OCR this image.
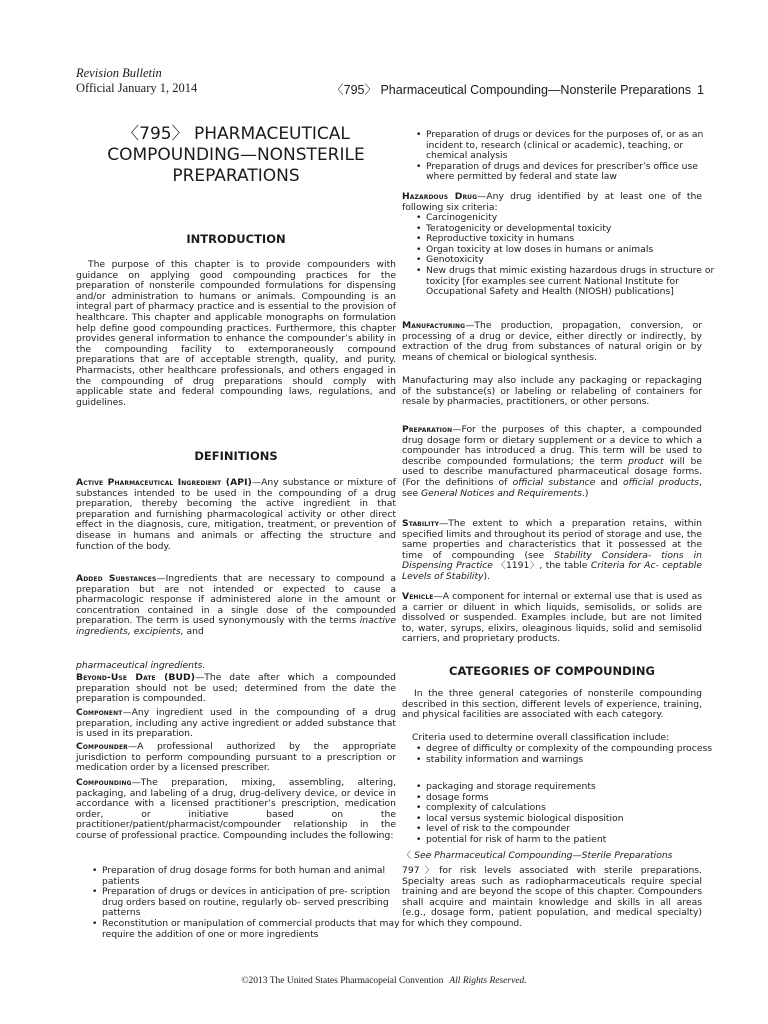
Revision Bulletin
Official January 1, 2014	〈795〉 Pharmaceutical Compounding—Nonsterile Preparations 1
〈795〉 PHARMACEUTICAL
COMPOUNDING—NONSTERILE
PREPARATIONS
INTRODUCTION
The purpose of this chapter is to provide compounders with guidance on applying good compounding practices for the preparation of nonsterile compounded formulations for dispensing and/or administration to humans or animals. Compounding is an integral part of pharmacy practice and is essential to the provision of healthcare. This chapter and applicable monographs on formulation help define good compounding practices. Furthermore, this chapter provides general information to enhance the compounder’s ability in the compounding facility to extemporaneously compound preparations that are of acceptable strength, quality, and purity. Pharmacists, other healthcare professionals, and others engaged in the compounding of drug preparations should comply with applicable state and federal compounding laws, regulations, and guidelines.
DEFINITIONS
Active Pharmaceutical Ingredient (API)—Any substance or mixture of substances intended to be used in the compounding of a drug preparation, thereby becoming the active ingredient in that preparation and furnishing pharmacological activity or other direct effect in the diagnosis, cure, mitigation, treatment, or prevention of disease in humans and animals or affecting the structure and function of the body.
Added Substances—Ingredients that are necessary to compound a preparation but are not intended or expected to cause a pharmacologic response if administered alone in the amount or concentration contained in a single dose of the compounded preparation. The term is used synonymously with the terms inactive ingredients, excipients, and
pharmaceutical ingredients.
Beyond-Use Date (BUD)—The date after which a compounded preparation should not be used; determined from the date the preparation is compounded.
Component—Any ingredient used in the compounding of a drug preparation, including any active ingredient or added substance that is used in its preparation.
Compounder—A professional authorized by the appropriate jurisdiction to perform compounding pursuant to a prescription or medication order by a licensed prescriber.
Compounding—The preparation, mixing, assembling, altering, packaging, and labeling of a drug, drug-delivery device, or device in accordance with a licensed practitioner’s prescription, medication order, or initiative based on the practitioner/patient/pharmacist/compounder relationship in the course of professional practice. Compounding includes the following:
• Preparation of drug dosage forms for both human and animal patients
• Preparation of drugs or devices in anticipation of pre- scription drug orders based on routine, regularly ob- served prescribing patterns
• Reconstitution or manipulation of commercial products that may require the addition of one or more ingredients
• Preparation of drugs or devices for the purposes of, or as an incident to, research (clinical or academic), teaching, or chemical analysis
• Preparation of drugs and devices for prescriber’s office use where permitted by federal and state law
Hazardous Drug—Any drug identified by at least one of the following six criteria:
• Carcinogenicity
• Teratogenicity or developmental toxicity
• Reproductive toxicity in humans
• Organ toxicity at low doses in humans or animals
• Genotoxicity
• New drugs that mimic existing hazardous drugs in structure or toxicity [for examples see current National Institute for Occupational Safety and Health (NIOSH) publications]
Manufacturing—The production, propagation, conversion, or processing of a drug or device, either directly or indirectly, by extraction of the drug from substances of natural origin or by means of chemical or biological synthesis.
Manufacturing may also include any packaging or repackaging of the substance(s) or labeling or relabeling of containers for resale by pharmacies, practitioners, or other persons.
Preparation—For the purposes of this chapter, a compounded drug dosage form or dietary supplement or a device to which a compounder has introduced a drug. This term will be used to describe compounded formulations; the term product will be used to describe manufactured pharmaceutical dosage forms. (For the definitions of official substance and official products, see General Notices and Requirements.)
Stability—The extent to which a preparation retains, within specified limits and throughout its period of storage and use, the same properties and characteristics that it possessed at the time of compounding (see Stability Considera- tions in Dispensing Practice 〈1191〉, the table Criteria for Ac- ceptable Levels of Stability).
Vehicle—A component for internal or external use that is used as a carrier or diluent in which liquids, semisolids, or solids are dissolved or suspended. Examples include, but are not limited to, water, syrups, elixirs, oleaginous liquids, solid and semisolid carriers, and proprietary products.
CATEGORIES OF COMPOUNDING
In the three general categories of nonsterile compounding described in this section, different levels of experience, training, and physical facilities are associated with each category.
Criteria used to determine overall classification include:
• degree of difficulty or complexity of the compounding process
• stability information and warnings
• packaging and storage requirements
• dosage forms
• complexity of calculations
• local versus systemic biological disposition
• level of risk to the compounder
• potential for risk of harm to the patient
〈 See Pharmaceutical Compounding—Sterile Preparations
797〉for risk levels associated with sterile preparations. Specialty areas such as radiopharmaceuticals require special training and are beyond the scope of this chapter. Compounders shall acquire and maintain knowledge and skills in all areas (e.g., dosage form, patient population, and medical specialty) for which they compound.
©2013 The United States Pharmacopeial Convention All Rights Reserved.
